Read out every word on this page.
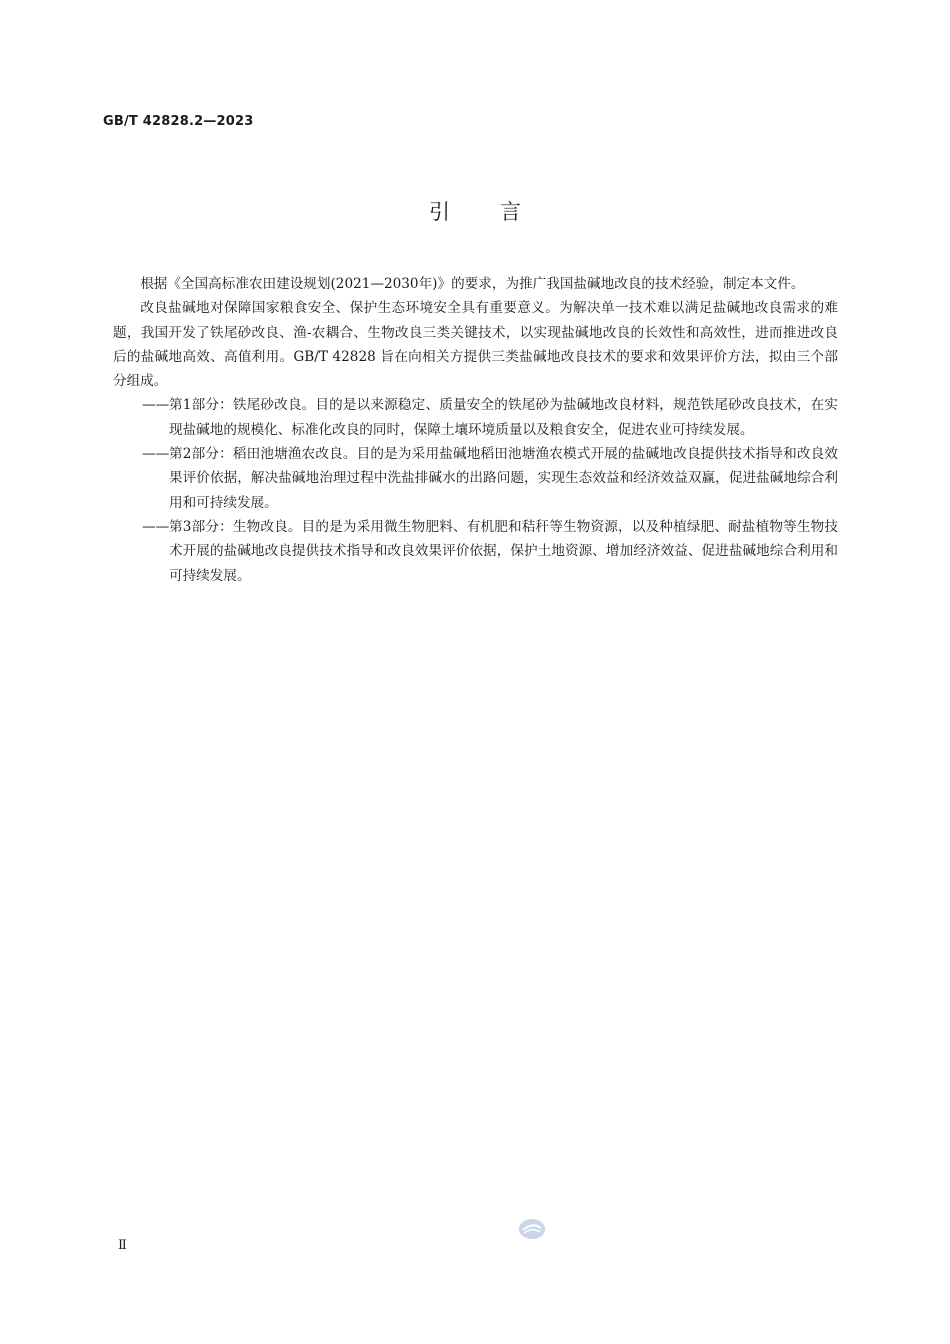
GB/T 42828.2—2023
引言

根据《全国高标准农田建设规划(2021—2030年)》的要求，为推广我国盐碱地改良的技术经验，制定本文件。

改良盐碱地对保障国家粮食安全、保护生态环境安全具有重要意义。为解决单一技术难以满足盐碱地改良需求的难题，我国开发了铁尾砂改良、渔-农耦合、生物改良三类关键技术，以实现盐碱地改良的长效性和高效性，进而推进改良后的盐碱地高效、高值利用。GB/T 42828 旨在向相关方提供三类盐碱地改良技术的要求和效果评价方法，拟由三个部分组成。

—— 第1部分：铁尾砂改良。目的是以来源稳定、质量安全的铁尾砂为盐碱地改良材料，规范铁尾砂改良技术，在实现盐碱地的规模化、标准化改良的同时，保障土壤环境质量以及粮食安全，促进农业可持续发展。
—— 第2部分：稻田池塘渔农改良。目的是为采用盐碱地稻田池塘渔农模式开展的盐碱地改良提供技术指导和改良效果评价依据，解决盐碱地治理过程中洗盐排碱水的出路问题，实现生态效益和经济效益双赢，促进盐碱地综合利用和可持续发展。
—— 第3部分：生物改良。目的是为采用微生物肥料、有机肥和秸秆等生物资源，以及种植绿肥、耐盐植物等生物技术开展的盐碱地改良提供技术指导和改良效果评价依据，保护土地资源、增加经济效益、促进盐碱地综合利用和可持续发展。
Ⅱ
